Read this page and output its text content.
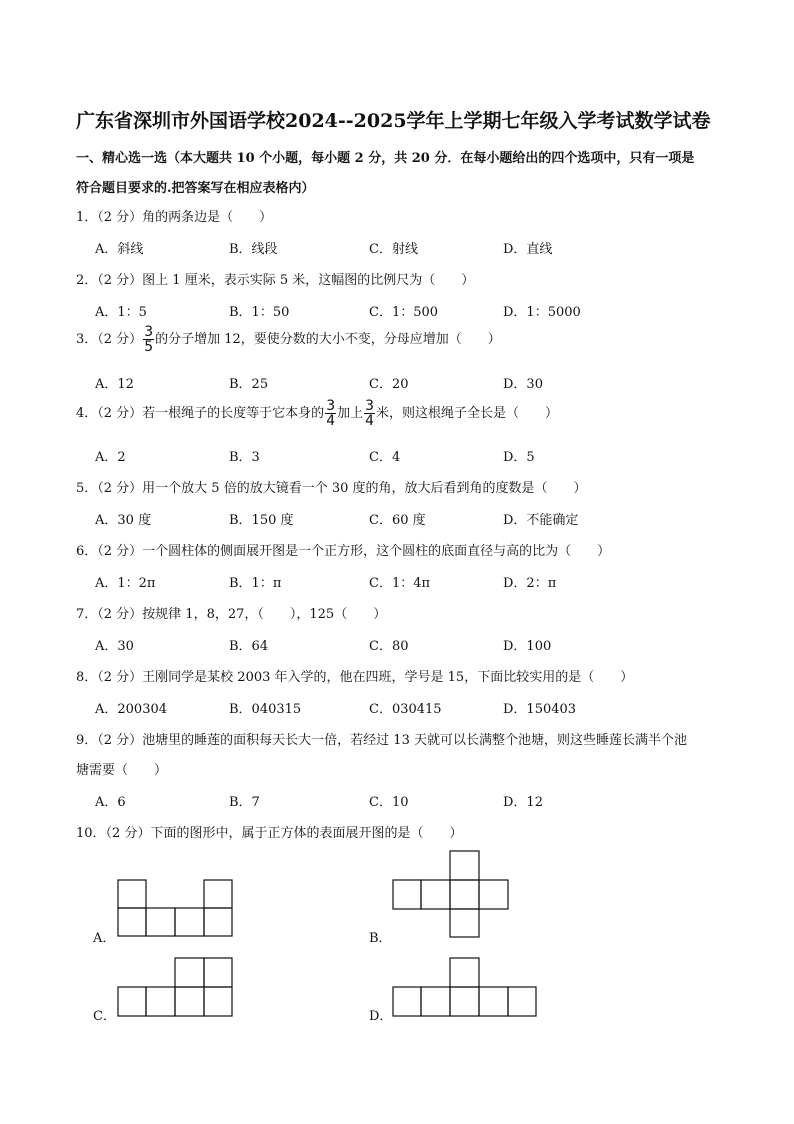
广东省深圳市外国语学校2024--2025学年上学期七年级入学考试数学试卷
一、精心选一选（本大题共 10 个小题，每小题 2 分，共 20 分．在每小题给出的四个选项中，只有一项是
符合题目要求的.把答案写在相应表格内）
1．（2 分）角的两条边是（　　）
A．斜线	B．线段	C．射线	D．直线
2．（2 分）图上 1 厘米，表示实际 5 米，这幅图的比例尺为（　　）
A．1：5	B．1：50	C．1：500	D．1：5000
3．（2 分） $\frac{3}{5}$ 的分子增加 12，要使分数的大小不变，分母应增加（　　）
A．12	B．25	C．20	D．30
4．（2 分）若一根绳子的长度等于它本身的 $\frac{3}{4}$ 加上 $\frac{3}{4}$ 米，则这根绳子全长是（　　）
A．2	B．3	C．4	D．5
5．（2 分）用一个放大 5 倍的放大镜看一个 30 度的角，放大后看到角的度数是（　　）
A．30 度	B．150 度	C．60 度	D．不能确定
6．（2 分）一个圆柱体的侧面展开图是一个正方形，这个圆柱的底面直径与高的比为（　　）
A．1：2π	B．1：π	C．1：4π	D．2：π
7．（2 分）按规律 1，8，27，（　　），125（　　）
A．30	B．64	C．80	D．100
8．（2 分）王刚同学是某校 2003 年入学的，他在四班，学号是 15，下面比较实用的是（　　）
A．200304	B．040315	C．030415	D．150403
9．（2 分）池塘里的睡莲的面积每天长大一倍，若经过 13 天就可以长满整个池塘，则这些睡莲长满半个池
塘需要（　　）
A．6	B．7	C．10	D．12
10．（2 分）下面的图形中，属于正方体的表面展开图的是（　　）
A．	B．
C．	D．
